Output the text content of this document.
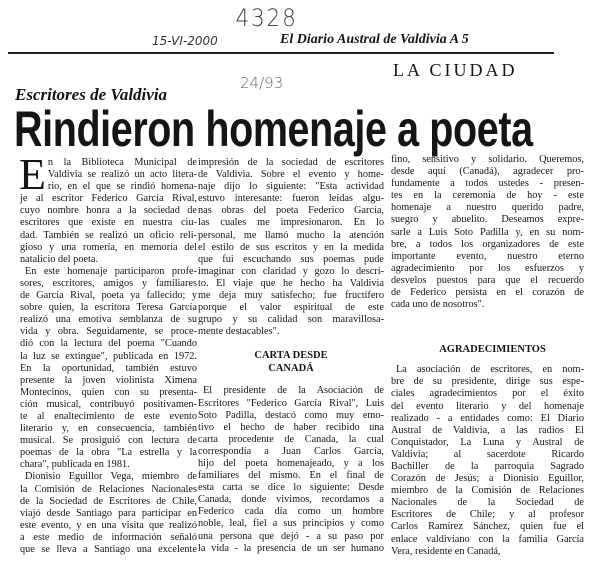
4328
15-VI-2000	El Diario Austral de Valdivia A 5
LA CIUDAD
24/93
Escritores de Valdivia
Rindieron homenaje a poeta
E n la Biblioteca Municipal de
Valdivia se realizó un acto litera-
rio, en el que se rindió homena-
je al escritor Federico García Rival,
cuyo nombre honra a la sociedad de
escritores que existe en nuestra ciu-
dad. También se realizó un oficio reli-
gioso y una romería, en memoria del
natalicio del poeta.
En este homenaje participaron profe-
sores, escritores, amigos y familiares
de García Rival, poeta ya fallecido; y
sobre quien, la escritora Teresa García
realizó una emotiva semblanza de su
vida y obra. Seguidamente, se proce-
dió con la lectura del poema "Cuando
la luz se extingue", publicada en 1972.
En la oportunidad, también estuvo
presente la joven violinista Ximena
Montecinos, quien con su presenta-
ción musical, contribuyó positivamen-
te al enaltecimiento de este evento
literario y, en consecuencia, también
musical. Se prosiguió con lectura de
poemas de la obra "La estrella y la
chara", publicada en 1981.
Dionisio Eguillor Vega, miembro de
la Comisión de Relaciones Nacionales
de la Sociedad de Escritores de Chile,
viajó desde Santiago para participar en
este evento, y en una visita que realizó
a este medio de información señaló
que se lleva a Santiago una excelente
impresión de la sociedad de escritores
de Valdivia. Sobre el evento y home-
naje dijo lo siguiente: "Esta actividad
estuvo interesante: fueron leídas algu-
nas obras del poeta Federico García,
las cuales me impresionaron. En lo
personal, me llamó mucho la atención
el estilo de sus escritos y en la medida
que fui escuchando sus poemas pude
imaginar con claridad y gozo lo descri-
to. El viaje que he hecho ha Valdivia
me deja muy satisfecho; fue fructífero
porque el valor espiritual de este
grupo y su calidad son maravillosa-
mente destacables".
CARTA DESDE
CANADÁ
El presidente de la Asociación de
Escritores "Federico García Rival", Luis
Soto Padilla, destacó como muy emo-
tivo el hecho de haber recibido una
carta procedente de Canada, la cual
correspondía a Juan Carlos García,
hijo del poeta homenajeado, y a los
familiares del mismo. En el final de
esta carta se dice lo siguiente: Desde
Canada, donde vivimos, recordamos a
Federico cada día como un hombre
noble, leal, fiel a sus principios y como
una persona que dejó - a su paso por
la vida - la presencia de un ser humano
fino, sensitivo y solidario. Queremos,
desde aquí (Canadá), agradecer pro-
fundamente a todos ustedes - presen-
tes en la ceremonia de hoy - este
homenaje a nuestro querido padre,
suegro y abuelito. Deseamos expre-
sarle a Luis Soto Padilla y, en su nom-
bre, a todos los organizadores de este
importante evento, nuestro eterno
agradecimiento por los esfuerzos y
desvelos puestos para que el recuerdo
de Federico persista en el corazón de
cada uno de nosotros".
AGRADECIMIENTOS
La asociación de escritores, en nom-
bre de su presidente, dirige sus espe-
ciales agradecimientos por el éxito
del evento literario y del homenaje
realizado - a entidades como: El Diario
Austral de Valdivia, a las radios El
Conquistador, La Luna y Austral de
Valdivia; al sacerdote Ricardo
Bachiller de la parroquia Sagrado
Corazón de Jesús; a Dionisio Eguillor,
miembro de la Comisión de Relaciones
Nacionales de la Sociedad de
Escritores de Chile; y al profesor
Carlos Ramírez Sánchez, quien fue el
enlace valdiviano con la familia García
Vera, residente en Canadá,
